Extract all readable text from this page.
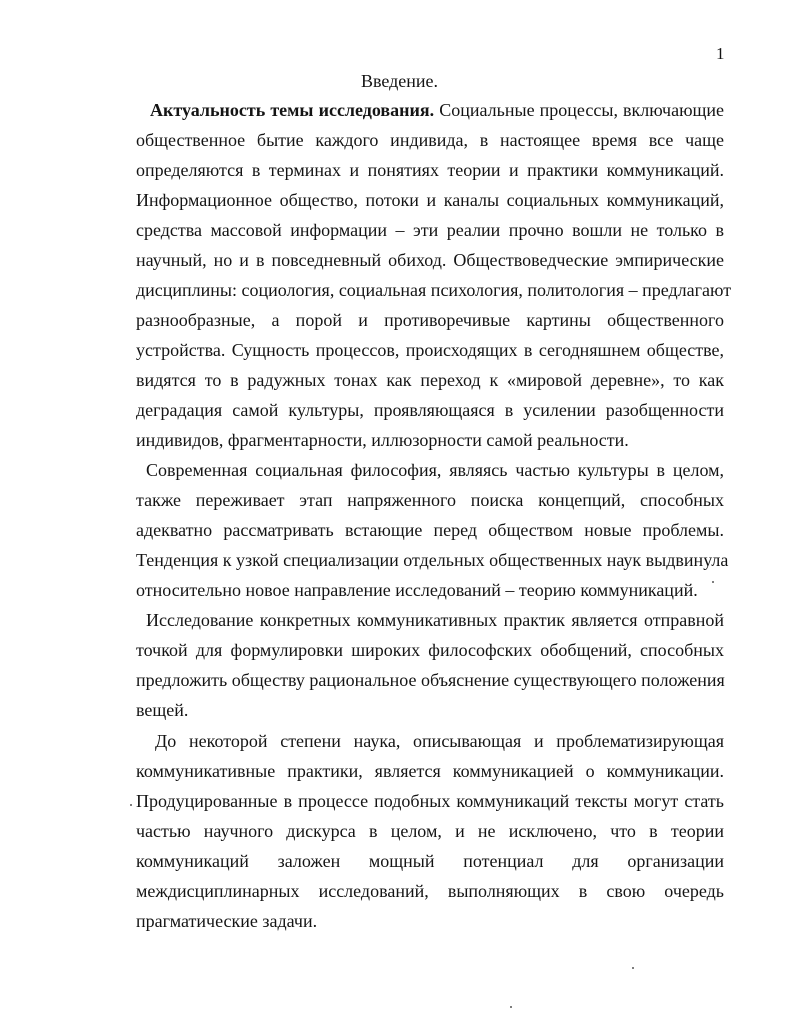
1
Введение.
Актуальность темы исследования. Социальные процессы, включающие
общественное бытие каждого индивида, в настоящее время все чаще
определяются в терминах и понятиях теории и практики коммуникаций.
Информационное общество, потоки и каналы социальных коммуникаций,
средства массовой информации – эти реалии прочно вошли не только в
научный, но и в повседневный обиход. Обществоведческие эмпирические
дисциплины: социология, социальная психология, политология – предлагают
разнообразные, а порой и противоречивые картины общественного
устройства. Сущность процессов, происходящих в сегодняшнем обществе,
видятся то в радужных тонах как переход к «мировой деревне», то как
деградация самой культуры, проявляющаяся в усилении разобщенности
индивидов, фрагментарности, иллюзорности самой реальности.
Современная социальная философия, являясь частью культуры в целом,
также переживает этап напряженного поиска концепций, способных
адекватно рассматривать встающие перед обществом новые проблемы.
Тенденция к узкой специализации отдельных общественных наук выдвинула
относительно новое направление исследований – теорию коммуникаций.
Исследование конкретных коммуникативных практик является отправной
точкой для формулировки широких философских обобщений, способных
предложить обществу рациональное объяснение существующего положения
вещей.
До некоторой степени наука, описывающая и проблематизирующая
коммуникативные практики, является коммуникацией о коммуникации.
Продуцированные в процессе подобных коммуникаций тексты могут стать
частью научного дискурса в целом, и не исключено, что в теории
коммуникаций заложен мощный потенциал для организации
междисциплинарных исследований, выполняющих в свою очередь
прагматические задачи.
